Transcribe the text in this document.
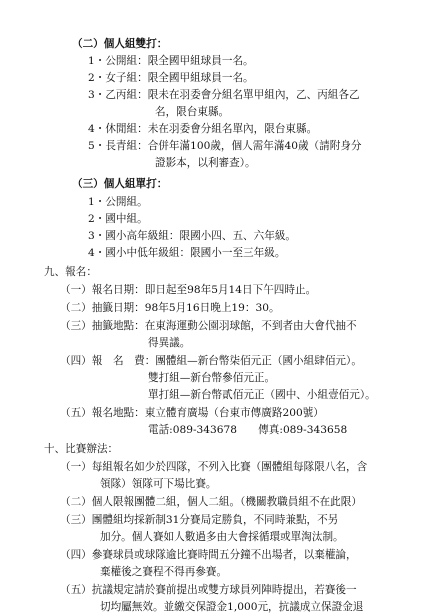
（二）個人組雙打：
1・公開組：限全國甲組球員一名。
2・女子組：限全國甲組球員一名。
3・乙丙組：限未在羽委會分組名單甲組內，乙、丙組各乙
名，限台東縣。
4・休閒組：未在羽委會分組名單內，限台東縣。
5・長青組：合併年滿100歲，個人需年滿40歲（請附身分
證影本，以利審查）。
（三）個人組單打：
1・公開組。
2・國中組。
3・國小高年級組：限國小四、五、六年級。
4・國小中低年級組：限國小一至三年級。
九、報名：
（一）報名日期：即日起至98年5月14日下午四時止。
（二）抽籤日期：98年5月16日晚上19：30。
（三）抽籤地點：在東海運動公園羽球館，不到者由大會代抽不
得異議。
（四）報　名　費：團體組—新台幣柒佰元正（國小組肆佰元）。
雙打組—新台幣參佰元正。
單打組—新台幣貳佰元正（國中、小組壹佰元）。
（五）報名地點：東立體育廣場（台東市傳廣路200號）
電話:089-343678　　傳真:089-343658
十、比賽辦法：
（一）每組報名如少於四隊，不列入比賽（團體組每隊限八名，含
領隊）領隊可下場比賽。
（二）個人限報團體二組，個人二組。（機關教職員組不在此限）
（三）團體組均採新制31分賽局定勝負，不同時兼點，不另
加分。個人賽如人數過多由大會採循環或單淘汰制。
（四）參賽球員或球隊逾比賽時間五分鐘不出場者，以棄權論，
棄權後之賽程不得再參賽。
（五）抗議規定請於賽前提出或雙方球員列陣時提出，若賽後一
切均屬無效。並繳交保證金1,000元，抗議成立保證金退
